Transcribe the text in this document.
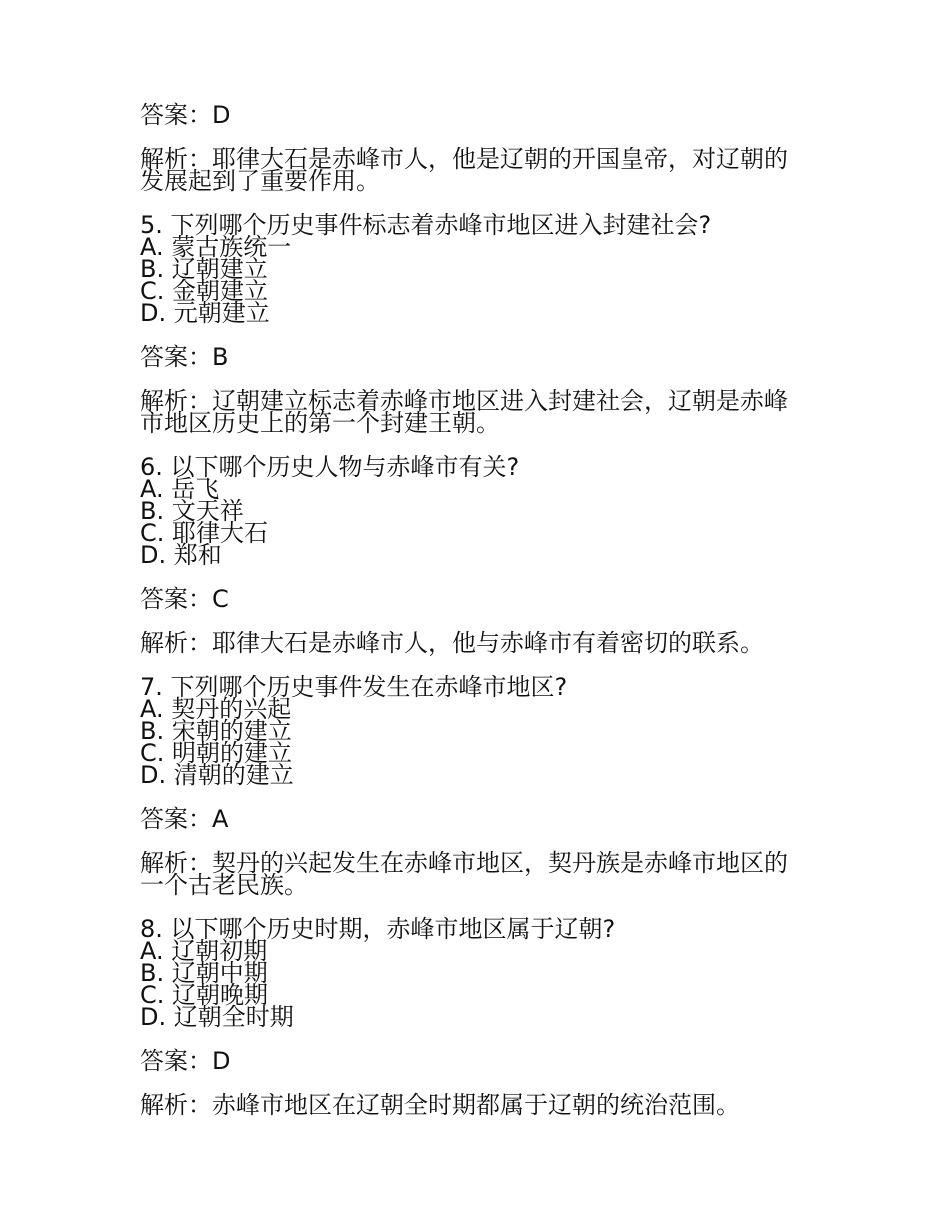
答案：D

解析：耶律大石是赤峰市人，他是辽朝的开国皇帝，对辽朝的

发展起到了重要作用。

5. 下列哪个历史事件标志着赤峰市地区进入封建社会?

A. 蒙古族统一

B. 辽朝建立

C. 金朝建立

D. 元朝建立

答案：B

解析：辽朝建立标志着赤峰市地区进入封建社会，辽朝是赤峰

市地区历史上的第一个封建王朝。

6. 以下哪个历史人物与赤峰市有关?

A. 岳飞

B. 文天祥

C. 耶律大石

D. 郑和

答案：C

解析：耶律大石是赤峰市人，他与赤峰市有着密切的联系。

7. 下列哪个历史事件发生在赤峰市地区?

A. 契丹的兴起

B. 宋朝的建立

C. 明朝的建立

D. 清朝的建立

答案：A

解析：契丹的兴起发生在赤峰市地区，契丹族是赤峰市地区的

一个古老民族。

8. 以下哪个历史时期，赤峰市地区属于辽朝?

A. 辽朝初期

B. 辽朝中期

C. 辽朝晚期

D. 辽朝全时期

答案：D

解析：赤峰市地区在辽朝全时期都属于辽朝的统治范围。
